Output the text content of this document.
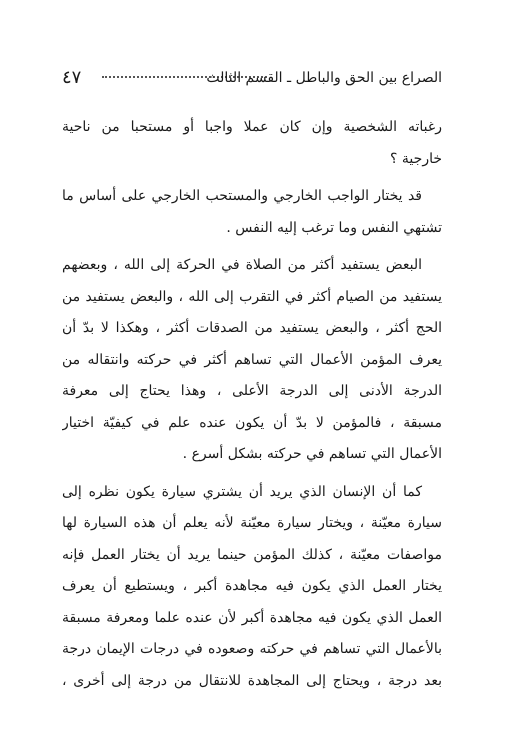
٤٧	الصراع بين الحق والباطل ـ القسم الثالث
رغباته الشخصية وإن كان عملا واجبا أو مستحبا من ناحية
خارجية ؟
قد يختار الواجب الخارجي والمستحب الخارجي على أساس ما
تشتهي النفس وما ترغب إليه النفس .
البعض يستفيد أكثر من الصلاة في الحركة إلى الله ، وبعضهم
يستفيد من الصيام أكثر في التقرب إلى الله ، والبعض يستفيد من
الحج أكثر ، والبعض يستفيد من الصدقات أكثر ، وهكذا لا بدّ أن
يعرف المؤمن الأعمال التي تساهم أكثر في حركته وانتقاله من
الدرجة الأدنى إلى الدرجة الأعلى ، وهذا يحتاج إلى معرفة
مسبقة ، فالمؤمن لا بدّ أن يكون عنده علم في كيفيّة اختيار
الأعمال التي تساهم في حركته بشكل أسرع .
كما أن الإنسان الذي يريد أن يشتري سيارة يكون نظره إلى
سيارة معيّنة ، ويختار سيارة معيّنة لأنه يعلم أن هذه السيارة لها
مواصفات معيّنة ، كذلك المؤمن حينما يريد أن يختار العمل فإنه
يختار العمل الذي يكون فيه مجاهدة أكبر ، ويستطيع أن يعرف
العمل الذي يكون فيه مجاهدة أكبر لأن عنده علما ومعرفة مسبقة
بالأعمال التي تساهم في حركته وصعوده في درجات الإيمان درجة
بعد درجة ، ويحتاج إلى المجاهدة للانتقال من درجة إلى أخرى ،
